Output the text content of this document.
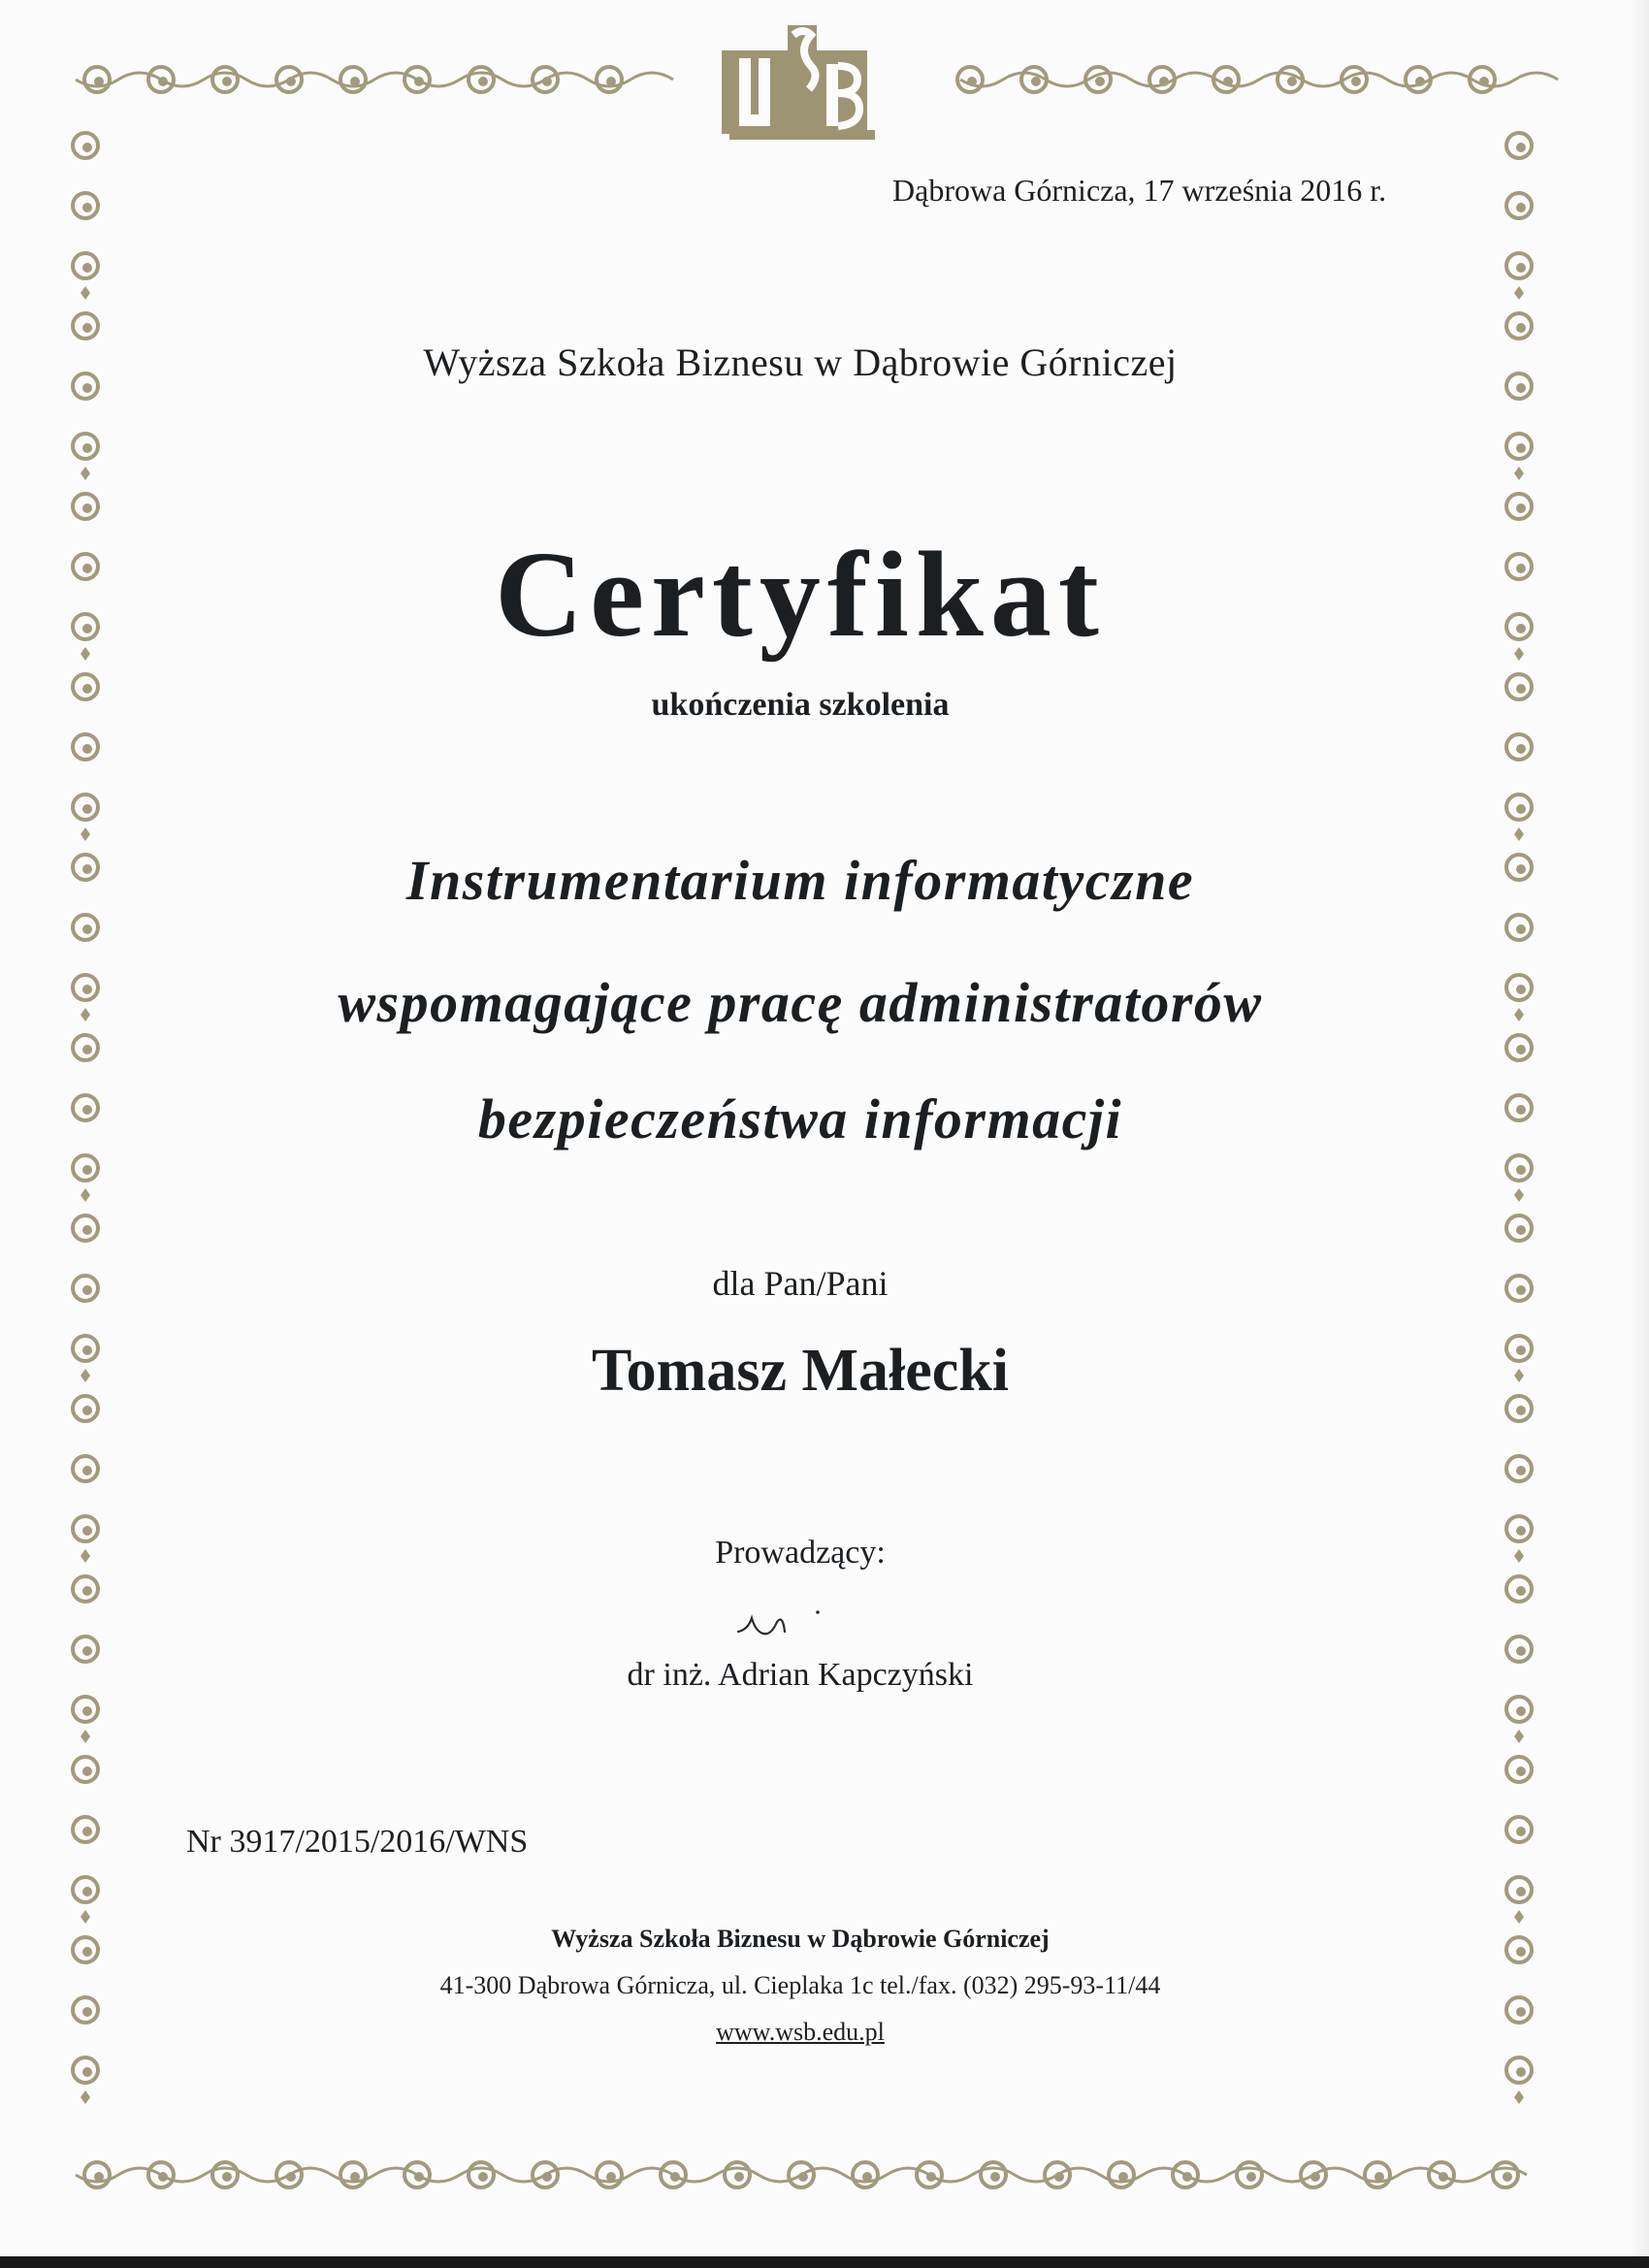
Dąbrowa Górnicza, 17 września 2016 r.
Wyższa Szkoła Biznesu w Dąbrowie Górniczej
Certyfikat
ukończenia szkolenia
Instrumentarium informatyczne
wspomagające pracę administratorów
bezpieczeństwa informacji
dla Pan/Pani
Tomasz Małecki
Prowadzący:
dr inż. Adrian Kapczyński
Nr 3917/2015/2016/WNS
Wyższa Szkoła Biznesu w Dąbrowie Górniczej
41-300 Dąbrowa Górnicza, ul. Cieplaka 1c tel./fax. (032) 295-93-11/44
www.wsb.edu.pl
